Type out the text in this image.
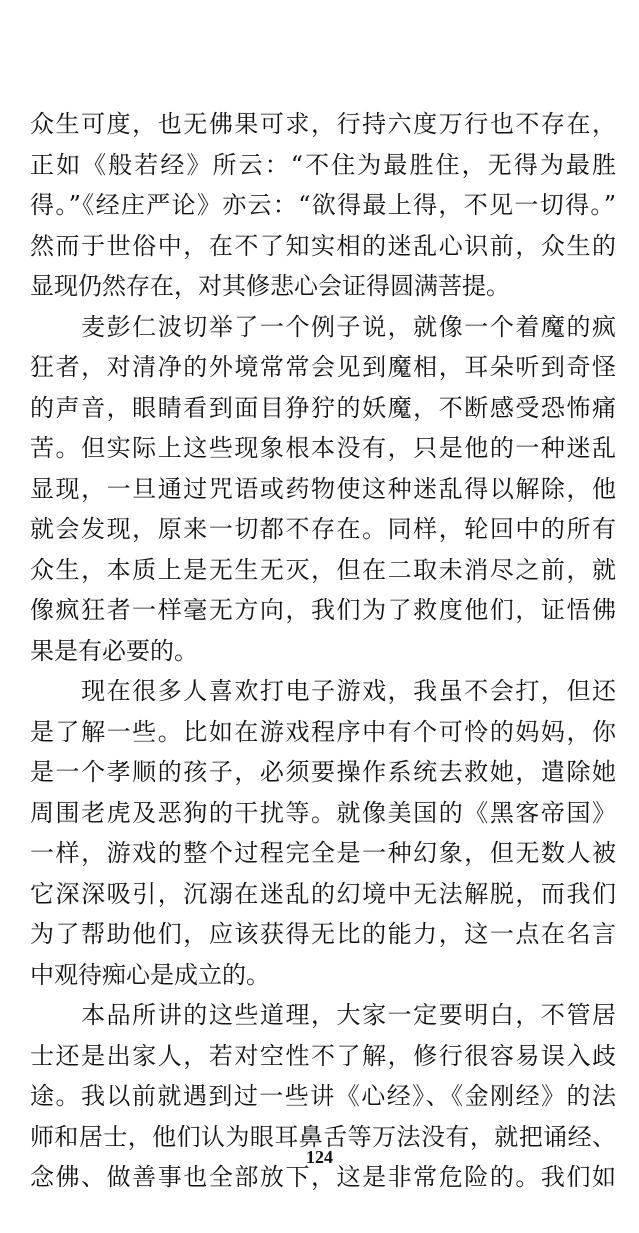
众生可度，也无佛果可求，行持六度万行也不存在，
正如《般若经》所云：“不住为最胜住，无得为最胜
得。”《经庄严论》亦云：“欲得最上得，不见一切得。”
然而于世俗中，在不了知实相的迷乱心识前，众生的
显现仍然存在，对其修悲心会证得圆满菩提。
　　麦彭仁波切举了一个例子说，就像一个着魔的疯
狂者，对清净的外境常常会见到魔相，耳朵听到奇怪
的声音，眼睛看到面目狰狞的妖魔，不断感受恐怖痛
苦。但实际上这些现象根本没有，只是他的一种迷乱
显现，一旦通过咒语或药物使这种迷乱得以解除，他
就会发现，原来一切都不存在。同样，轮回中的所有
众生，本质上是无生无灭，但在二取未消尽之前，就
像疯狂者一样毫无方向，我们为了救度他们，证悟佛
果是有必要的。
　　现在很多人喜欢打电子游戏，我虽不会打，但还
是了解一些。比如在游戏程序中有个可怜的妈妈，你
是一个孝顺的孩子，必须要操作系统去救她，遣除她
周围老虎及恶狗的干扰等。就像美国的《黑客帝国》
一样，游戏的整个过程完全是一种幻象，但无数人被
它深深吸引，沉溺在迷乱的幻境中无法解脱，而我们
为了帮助他们，应该获得无比的能力，这一点在名言
中观待痴心是成立的。
　　本品所讲的这些道理，大家一定要明白，不管居
士还是出家人，若对空性不了解，修行很容易误入歧
途。我以前就遇到过一些讲《心经》、《金刚经》的法
师和居士，他们认为眼耳鼻舌等万法没有，就把诵经、
念佛、做善事也全部放下，这是非常危险的。我们如
124
